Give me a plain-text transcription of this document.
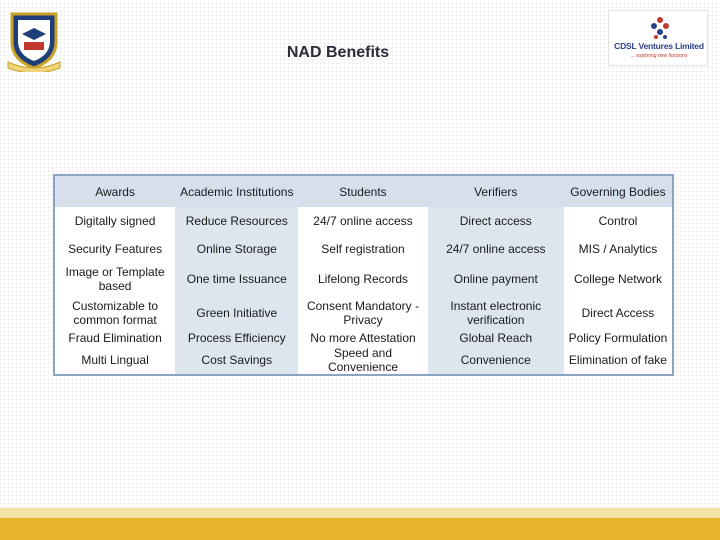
CDSL Ventures Limited
... exploring new horizons
NAD Benefits
Awards	Academic Institutions	Students	Verifiers	Governing Bodies
Digitally signed	Reduce Resources	24/7 online access	Direct access	Control
Security Features	Online Storage	Self registration	24/7 online access	MIS / Analytics
Image or Template based	One time Issuance	Lifelong Records	Online payment	College Network
Customizable to common format	Green Initiative	Consent Mandatory - Privacy	Instant electronic verification	Direct Access
Fraud Elimination	Process Efficiency	No more Attestation	Global Reach	Policy Formulation
Multi Lingual	Cost Savings	Speed and Convenience	Convenience	Elimination of fake
